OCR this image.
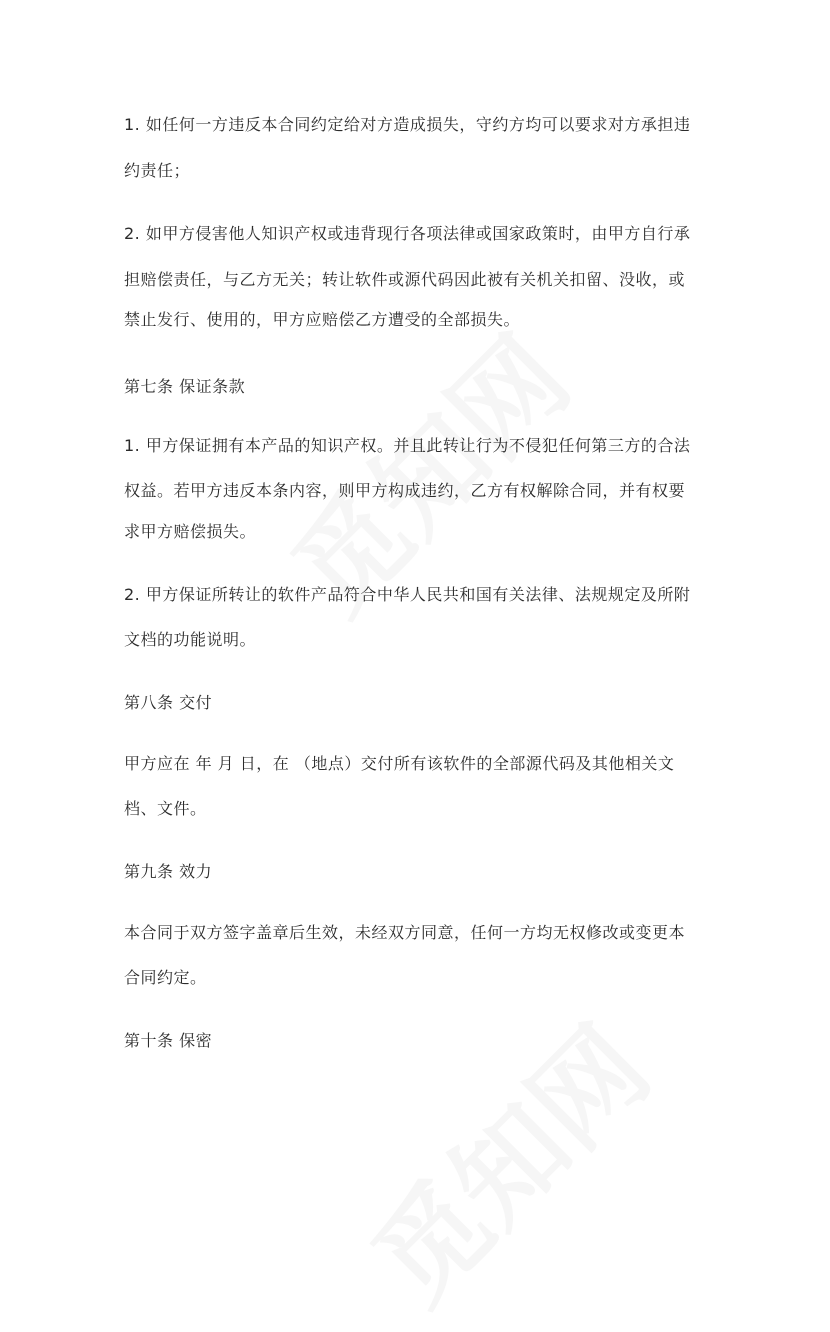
1. 如任何一方违反本合同约定给对方造成损失，守约方均可以要求对方承担违
约责任；
2. 如甲方侵害他人知识产权或违背现行各项法律或国家政策时，由甲方自行承
担赔偿责任，与乙方无关；转让软件或源代码因此被有关机关扣留、没收，或
禁止发行、使用的，甲方应赔偿乙方遭受的全部损失。
第七条 保证条款
1. 甲方保证拥有本产品的知识产权。并且此转让行为不侵犯任何第三方的合法
权益。若甲方违反本条内容，则甲方构成违约，乙方有权解除合同，并有权要
求甲方赔偿损失。
2. 甲方保证所转让的软件产品符合中华人民共和国有关法律、法规规定及所附
文档的功能说明。
第八条 交付
甲方应在 年 月 日，在 （地点）交付所有该软件的全部源代码及其他相关文
档、文件。
第九条 效力
本合同于双方签字盖章后生效，未经双方同意，任何一方均无权修改或变更本
合同约定。
第十条 保密
